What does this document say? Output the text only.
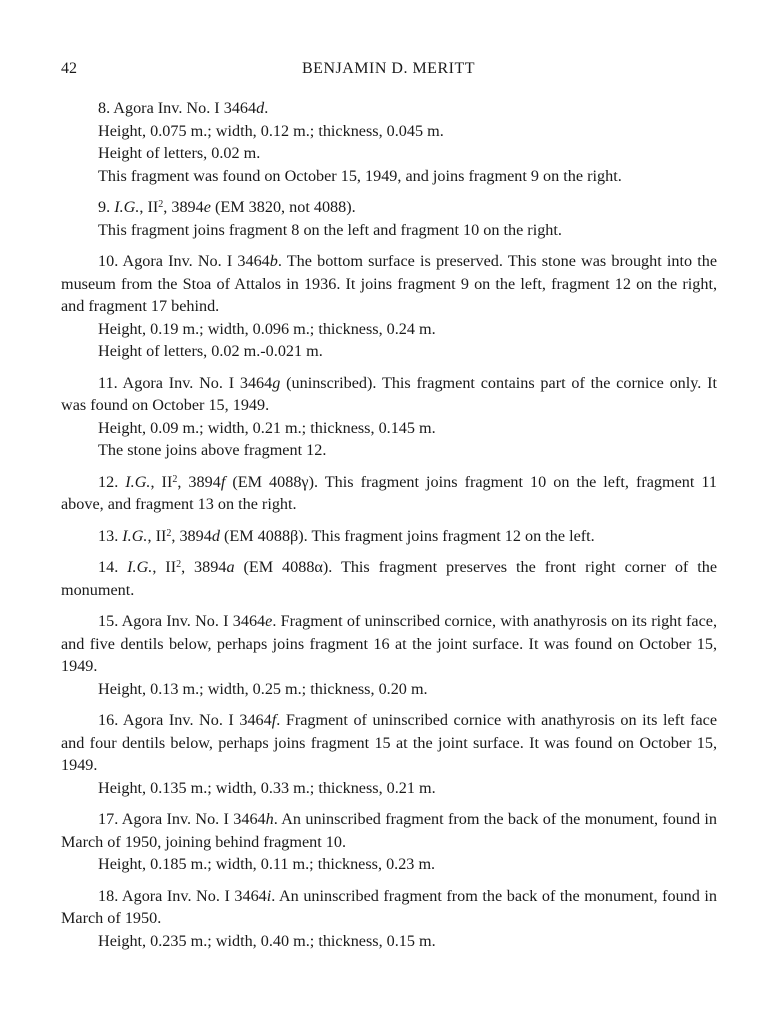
42	BENJAMIN D. MERITT

8. Agora Inv. No. I 3464d.

Height, 0.075 m.; width, 0.12 m.; thickness, 0.045 m.

Height of letters, 0.02 m.

This fragment was found on October 15, 1949, and joins fragment 9 on the right.

9. I.G., $II^2$, 3894e (EM 3820, not 4088).

This fragment joins fragment 8 on the left and fragment 10 on the right.

10. Agora Inv. No. I 3464b. The bottom surface is preserved. This stone was brought into the museum from the Stoa of Attalos in 1936. It joins fragment 9 on the left, fragment 12 on the right, and fragment 17 behind.

Height, 0.19 m.; width, 0.096 m.; thickness, 0.24 m.

Height of letters, 0.02 m.-0.021 m.

11. Agora Inv. No. I 3464g (uninscribed). This fragment contains part of the cornice only. It was found on October 15, 1949.

Height, 0.09 m.; width, 0.21 m.; thickness, 0.145 m.

The stone joins above fragment 12.

12. I.G., $II^2$, 3894f (EM 4088γ). This fragment joins fragment 10 on the left, fragment 11 above, and fragment 13 on the right.

13. I.G., $II^2$, 3894d (EM 4088β). This fragment joins fragment 12 on the left.

14. I.G., $II^2$, 3894a (EM 4088α). This fragment preserves the front right corner of the monument.

15. Agora Inv. No. I 3464e. Fragment of uninscribed cornice, with anathyrosis on its right face, and five dentils below, perhaps joins fragment 16 at the joint surface. It was found on October 15, 1949.

Height, 0.13 m.; width, 0.25 m.; thickness, 0.20 m.

16. Agora Inv. No. I 3464f. Fragment of uninscribed cornice with anathyrosis on its left face and four dentils below, perhaps joins fragment 15 at the joint surface. It was found on October 15, 1949.

Height, 0.135 m.; width, 0.33 m.; thickness, 0.21 m.

17. Agora Inv. No. I 3464h. An uninscribed fragment from the back of the monument, found in March of 1950, joining behind fragment 10.

Height, 0.185 m.; width, 0.11 m.; thickness, 0.23 m.

18. Agora Inv. No. I 3464i. An uninscribed fragment from the back of the monument, found in March of 1950.

Height, 0.235 m.; width, 0.40 m.; thickness, 0.15 m.
